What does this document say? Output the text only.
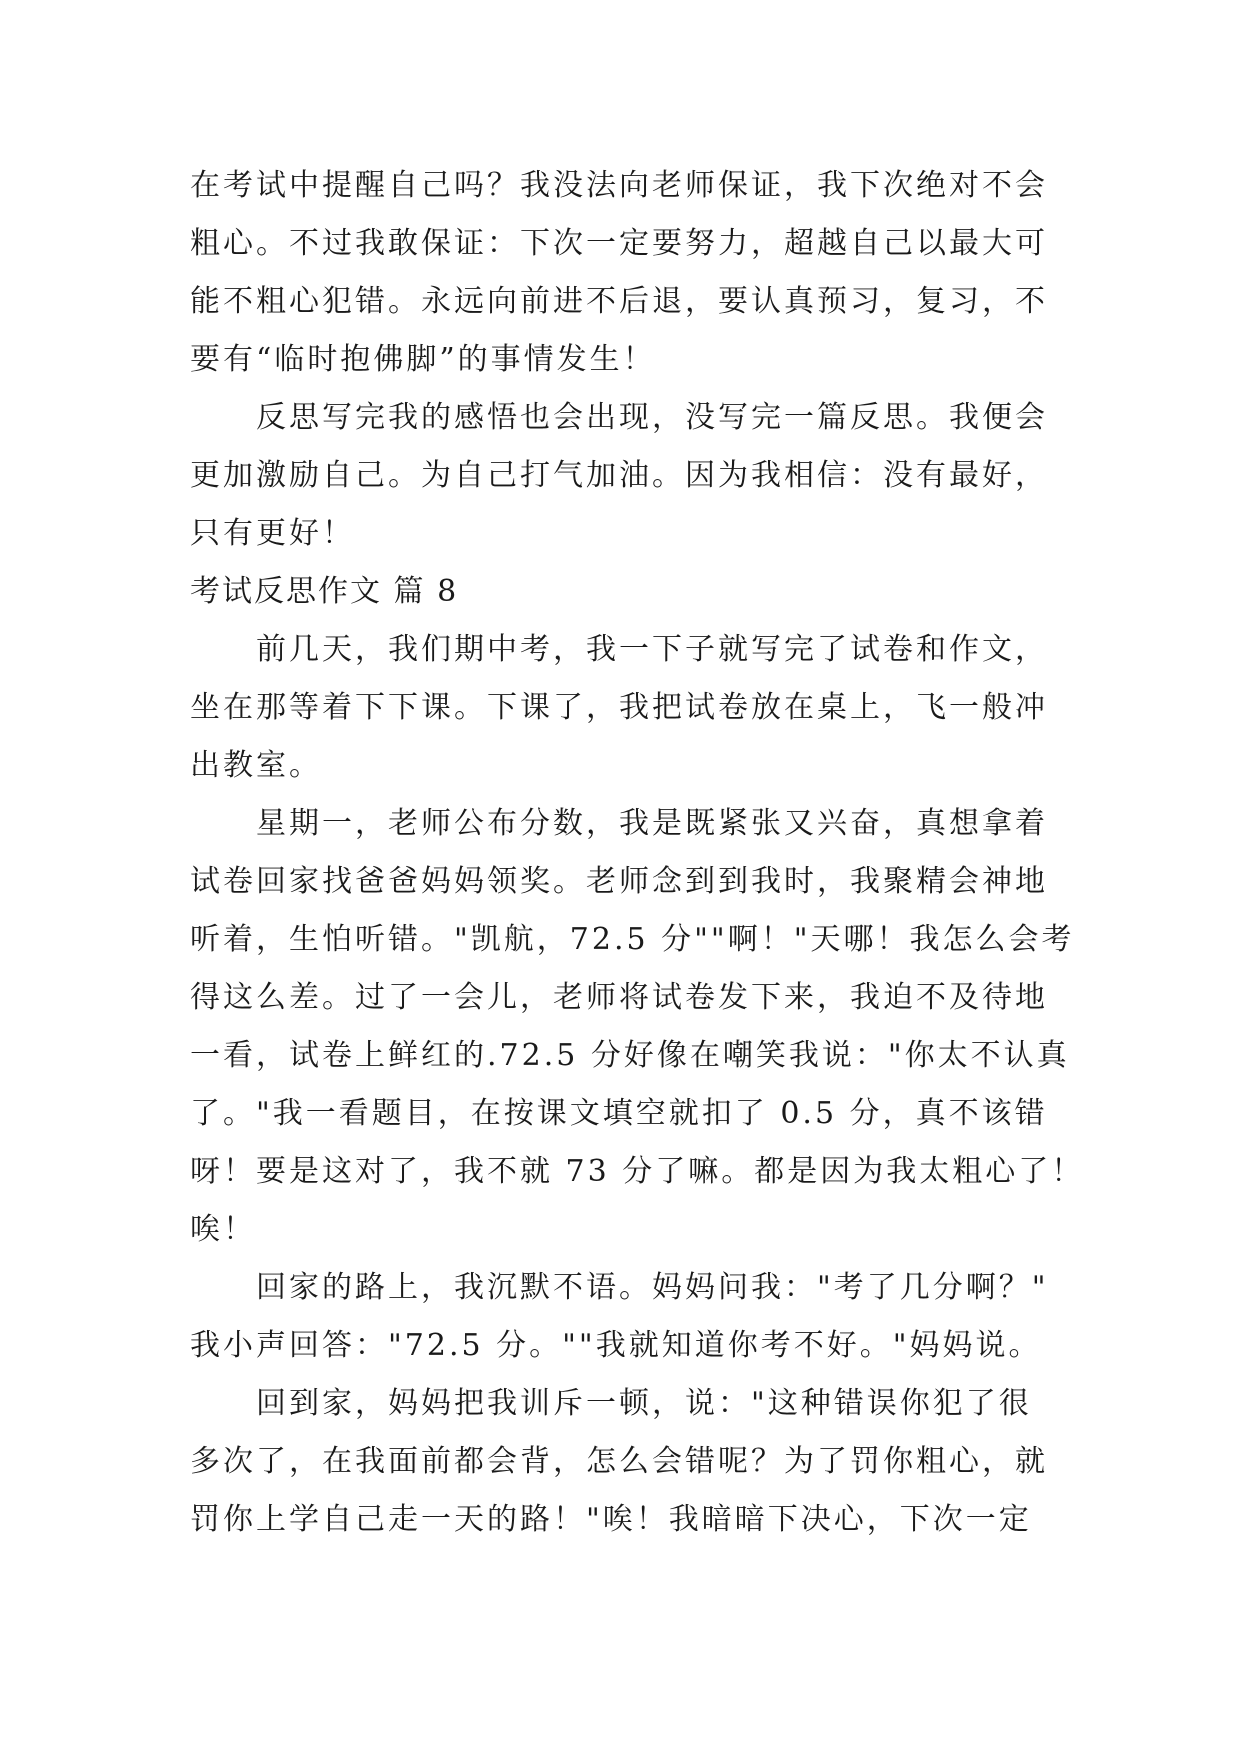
在考试中提醒自己吗？我没法向老师保证，我下次绝对不会
粗心。不过我敢保证：下次一定要努力，超越自己以最大可
能不粗心犯错。永远向前进不后退，要认真预习，复习，不
要有“临时抱佛脚”的事情发生！
反思写完我的感悟也会出现，没写完一篇反思。我便会
更加激励自己。为自己打气加油。因为我相信：没有最好，
只有更好！
考试反思作文 篇 8
前几天，我们期中考，我一下子就写完了试卷和作文，
坐在那等着下下课。下课了，我把试卷放在桌上，飞一般冲
出教室。
星期一，老师公布分数，我是既紧张又兴奋，真想拿着
试卷回家找爸爸妈妈领奖。老师念到到我时，我聚精会神地
听着，生怕听错。"凯航，72.5 分""啊！"天哪！我怎么会考
得这么差。过了一会儿，老师将试卷发下来，我迫不及待地
一看，试卷上鲜红的.72.5 分好像在嘲笑我说："你太不认真
了。"我一看题目，在按课文填空就扣了 0.5 分，真不该错
呀！要是这对了，我不就 73 分了嘛。都是因为我太粗心了！
唉！
回家的路上，我沉默不语。妈妈问我："考了几分啊？"
我小声回答："72.5 分。""我就知道你考不好。"妈妈说。
回到家，妈妈把我训斥一顿，说："这种错误你犯了很
多次了，在我面前都会背，怎么会错呢？为了罚你粗心，就
罚你上学自己走一天的路！"唉！我暗暗下决心，下次一定
